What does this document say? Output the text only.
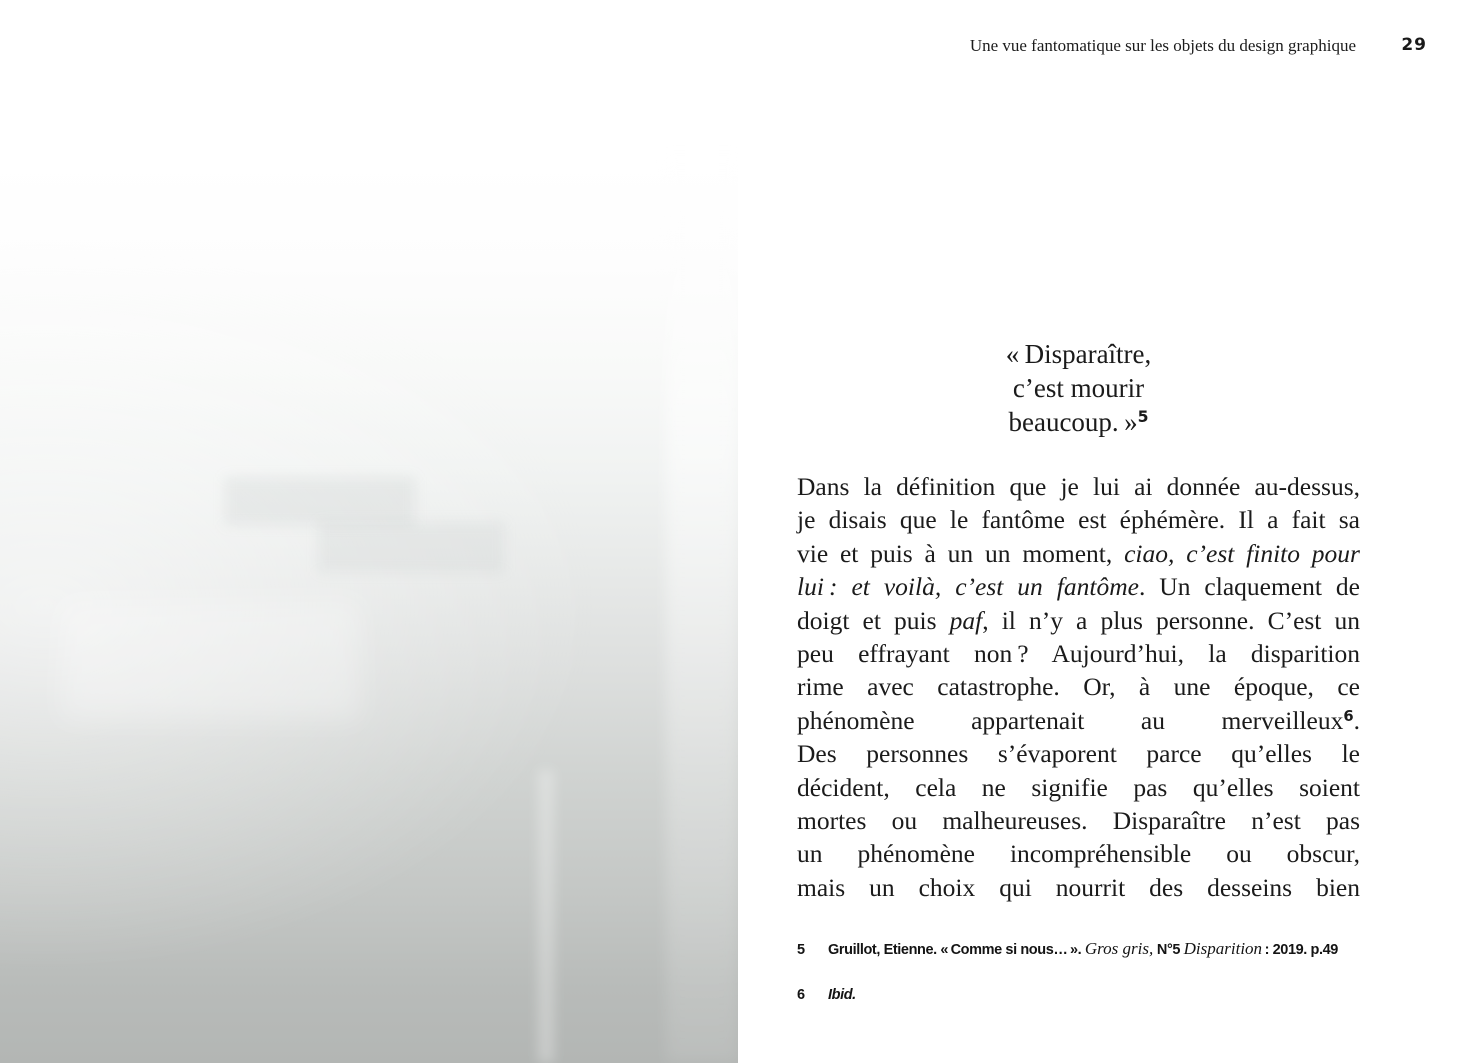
Une vue fantomatique sur les objets du design graphique	29
« Disparaître,
c’est mourir
beaucoup. »$^5$
Dans la définition que je lui ai donnée au-dessus,
je disais que le fantôme est éphémère. Il a fait sa
vie et puis à un un moment, ciao, c’est finito pour
lui : et voilà, c’est un fantôme. Un claquement de
doigt et puis paf, il n’y a plus personne. C’est un
peu effrayant non ? Aujourd’hui, la disparition
rime avec catastrophe. Or, à une époque, ce
phénomène appartenait au merveilleux$^6$.
Des personnes s’évaporent parce qu’elles le
décident, cela ne signifie pas qu’elles soient
mortes ou malheureuses. Disparaître n’est pas
un phénomène incompréhensible ou obscur,
mais un choix qui nourrit des desseins bien
5	Gruillot, Etienne. « Comme si nous… ». Gros gris, N°5 Disparition : 2019. p.49
6	Ibid.
